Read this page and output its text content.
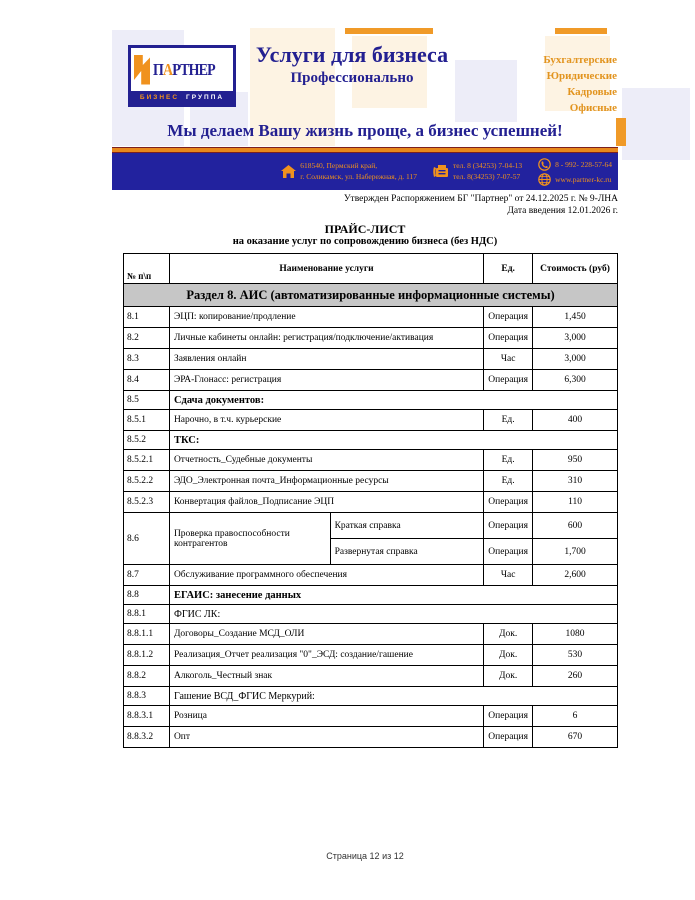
ПАРТНЕР
БИЗНЕС ГРУППА
Услуги для бизнеса
Профессионально
Бухгалтерские
Юридические
Кадровые
Офисные
Мы делаем Вашу жизнь проще, а бизнес успешней!
618540, Пермский край,
г. Соликамск, ул. Набережная, д. 117
тел. 8 (34253) 7-04-13
тел. 8(34253) 7-07-57
8 - 992- 228-57-64
www.partner-kc.ru
Утвержден Распоряжением БГ "Партнер" от 24.12.2025 г. № 9-ЛНА
Дата введения 12.01.2026 г.
ПРАЙС-ЛИСТ
на оказание услуг по сопровождению бизнеса (без НДС)
№ п\п	Наименование услуги		Ед.	Стоимость (руб)
Раздел 8. АИС (автоматизированные информационные системы)				
8.1	ЭЦП: копирование/продление		Операция	1,450
8.2	Личные кабинеты онлайн: регистрация/подключение/активация		Операция	3,000
8.3	Заявления онлайн		Час	3,000
8.4	ЭРА-Глонасс: регистрация		Операция	6,300
8.5	Сдача документов:			
8.5.1	Нарочно, в т.ч. курьерские		Ед.	400
8.5.2	ТКС:			
8.5.2.1	Отчетность_Судебные документы		Ед.	950
8.5.2.2	ЭДО_Электронная почта_Информационные ресурсы		Ед.	310
8.5.2.3	Конвертация файлов_Подписание ЭЦП		Операция	110
8.6	Проверка правоспособности контрагентов	Краткая справка	Операция	600
		Развернутая справка	Операция	1,700
8.7	Обслуживание программного обеспечения		Час	2,600
8.8	ЕГАИС: занесение данных			
8.8.1	ФГИС ЛК:			
8.8.1.1	Договоры_Создание МСД_ОЛИ		Док.	1080
8.8.1.2	Реализация_Отчет реализация "0"_ЭСД: создание/гашение		Док.	530
8.8.2	Алкоголь_Честный знак		Док.	260
8.8.3	Гашение ВСД_ФГИС Меркурий:			
8.8.3.1	Розница		Операция	6
8.8.3.2	Опт		Операция	670
Страница 12 из 12
